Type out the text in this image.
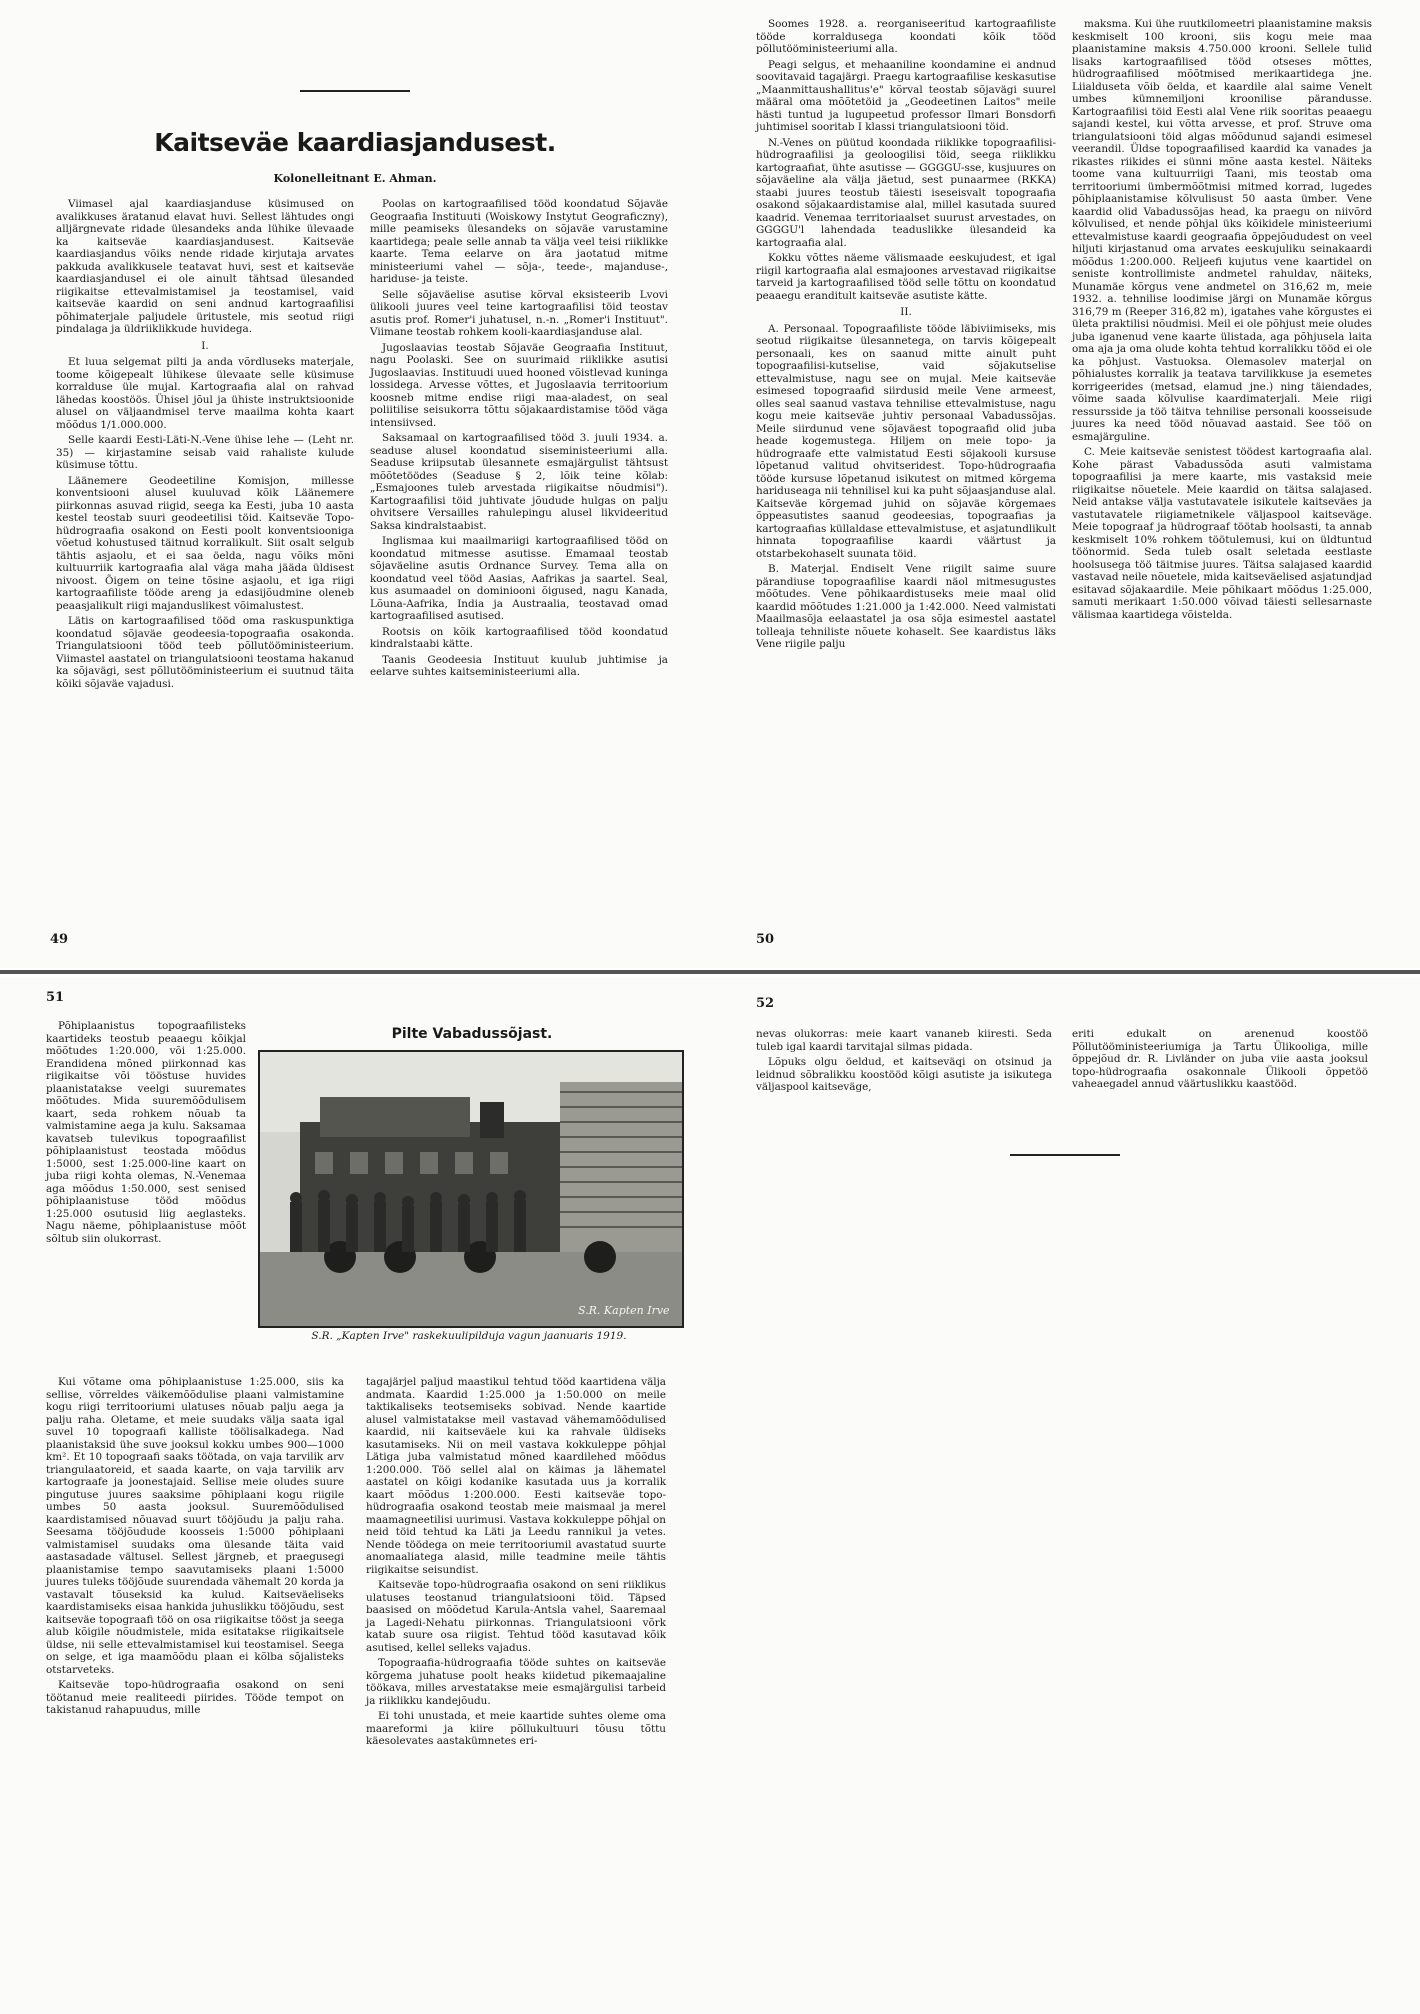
Kaitseväe kaardiasjandusest.
Kolonelleitnant E. Ahman.

Viimasel ajal kaardiasjanduse küsimused on avalikkuses äratanud elavat huvi. Sellest lähtudes ongi alljärgnevate ridade ülesandeks anda lühike ülevaade ka kaitseväe kaardiasjandusest. Kaitseväe kaardiasjandus võiks nende ridade kirjutaja arvates pakkuda avalikkusele teatavat huvi, sest et kaitseväe kaardiasjandusel ei ole ainult tähtsad ülesanded riigikaitse ettevalmistamisel ja teostamisel, vaid kaitseväe kaardid on seni andnud kartograafilisi põhimaterjale paljudele üritustele, mis seotud riigi pindalaga ja üldriiklikkude huvidega.

I.

Et luua selgemat pilti ja anda võrdluseks materjale, toome kõigepealt lühikese ülevaate selle küsimuse korralduse üle mujal. Kartograafia alal on rahvad lähedas koostöös. Ühisel jõul ja ühiste instruktsioonide alusel on väljaandmisel terve maailma kohta kaart mõõdus 1/1.000.000.

Selle kaardi Eesti-Läti-N.-Vene ühise lehe — (Leht nr. 35) — kirjastamine seisab vaid rahaliste kulude küsimuse tõttu.

Läänemere Geodeetiline Komisjon, millesse konventsiooni alusel kuuluvad kõik Läänemere piirkonnas asuvad riigid, seega ka Eesti, juba 10 aasta kestel teostab suuri geodeetilisi töid. Kaitseväe Topo-hüdrograafia osakond on Eesti poolt konventsiooniga võetud kohustused täitnud korralikult. Siit osalt selgub tähtis asjaolu, et ei saa öelda, nagu võiks mõni kultuurriik kartograafia alal väga maha jääda üldisest nivoost. Õigem on teine tõsine asjaolu, et iga riigi kartograafiliste tööde areng ja edasijõudmine oleneb peaasjalikult riigi majanduslikest võimalustest.

Lätis on kartograafilised tööd oma raskuspunktiga koondatud sõjaväe geodeesia-topograafia osakonda. Triangulatsiooni tööd teeb põllutööministeerium. Viimastel aastatel on triangulatsiooni teostama hakanud ka sõjavägi, sest põllutööministeerium ei suutnud täita kõiki sõjaväe vajadusi.

Poolas on kartograafilised tööd koondatud Sõjaväe Geograafia Instituuti (Woiskowy Instytut Geograficzny), mille peamiseks ülesandeks on sõjaväe varustamine kaartidega; peale selle annab ta välja veel teisi riiklikke kaarte. Tema eelarve on ära jaotatud mitme ministeeriumi vahel — sõja-, teede-, majanduse-, hariduse- ja teiste.

Selle sõjaväelise asutise kõrval eksisteerib Lvovi ülikooli juures veel teine kartograafilisi töid teostav asutis prof. Romer'i juhatusel, n.-n. „Romer'i Instituut". Viimane teostab rohkem kooli-kaardiasjanduse alal.

Jugoslaavias teostab Sõjaväe Geograafia Instituut, nagu Poolaski. See on suurimaid riiklikke asutisi Jugoslaavias. Instituudi uued hooned võistlevad kuninga lossidega. Arvesse võttes, et Jugoslaavia territoorium koosneb mitme endise riigi maa-aladest, on seal poliitilise seisukorra tõttu sõjakaardistamise tööd väga intensiivsed.

Saksamaal on kartograafilised tööd 3. juuli 1934. a. seaduse alusel koondatud siseministeeriumi alla. Seaduse kriipsutab ülesannete esmajärgulist tähtsust mõõtetöödes (Seaduse § 2, lõik teine kõlab: „Esmajoones tuleb arvestada riigikaitse nõudmisi"). Kartograafilisi töid juhtivate jõudude hulgas on palju ohvitsere Versailles rahulepingu alusel likvideeritud Saksa kindralstaabist.

Inglismaa kui maailmariigi kartograafilised tööd on koondatud mitmesse asutisse. Emamaal teostab sõjaväeline asutis Ordnance Survey. Tema alla on koondatud veel tööd Aasias, Aafrikas ja saartel. Seal, kus asumaadel on dominiooni õigused, nagu Kanada, Lõuna-Aafrika, India ja Austraalia, teostavad omad kartograafilised asutised.

Rootsis on kõik kartograafilised tööd koondatud kindralstaabi kätte.

Taanis Geodeesia Instituut kuulub juhtimise ja eelarve suhtes kaitseministeeriumi alla.

49

Soomes 1928. a. reorganiseeritud kartograafiliste tööde korraldusega koondati kõik tööd põllutööministeeriumi alla.

Peagi selgus, et mehaaniline koondamine ei andnud soovitavaid tagajärgi. Praegu kartograafilise keskasutise „Maanmittaushallitus'e" kõrval teostab sõjavägi suurel määral oma mõõtetöid ja „Geodeetinen Laitos" meile hästi tuntud ja lugupeetud professor Ilmari Bonsdorfi juhtimisel sooritab I klassi triangulatsiooni töid.

N.-Venes on püütud koondada riiklikke topograafilisi-hüdrograafilisi ja geoloogilisi töid, seega riiklikku kartograafiat, ühte asutisse — GGGGU-sse, kusjuures on sõjaväeline ala välja jäetud, sest punaarmee (RKKA) staabi juures teostub täiesti iseseisvalt topograafia osakond sõjakaardistamise alal, millel kasutada suured kaadrid. Venemaa territoriaalset suurust arvestades, on GGGGU'l lahendada teaduslikke ülesandeid ka kartograafia alal.

Kokku võttes näeme välismaade eeskujudest, et igal riigil kartograafia alal esmajoones arvestavad riigikaitse tarveid ja kartograafilised tööd selle tõttu on koondatud peaaegu eranditult kaitseväe asutiste kätte.

II.

A. Personaal. Topograafiliste tööde läbiviimiseks, mis seotud riigikaitse ülesannetega, on tarvis kõigepealt personaali, kes on saanud mitte ainult puht topograafilisi-kutselise, vaid sõjakutselise ettevalmistuse, nagu see on mujal. Meie kaitseväe esimesed topograafid siirdusid meile Vene armeest, olles seal saanud vastava tehnilise ettevalmistuse, nagu kogu meie kaitseväe juhtiv personaal Vabadussõjas. Meile siirdunud vene sõjaväest topograafid olid juba heade kogemustega. Hiljem on meie topo- ja hüdrograafe ette valmistatud Eesti sõjakooli kursuse lõpetanud valitud ohvitseridest. Topo-hüdrograafia tööde kursuse lõpetanud isikutest on mitmed kõrgema hariduseaga nii tehnilisel kui ka puht sõjaasjanduse alal. Kaitseväe kõrgemad juhid on sõjaväe kõrgemaes õppeasutistes saanud geodeesias, topograafias ja kartograafias küllaldase ettevalmistuse, et asjatundlikult hinnata topograafilise kaardi väärtust ja otstarbekohaselt suunata töid.

B. Materjal. Endiselt Vene riigilt saime suure pärandiuse topograafilise kaardi näol mitmesugustes mõõtudes. Vene põhikaardistuseks meie maal olid kaardid mõõtudes 1:21.000 ja 1:42.000. Need valmistati Maailmasõja eelaastatel ja osa sõja esimestel aastatel tolleaja tehniliste nõuete kohaselt. See kaardistus läks Vene riigile palju

maksma. Kui ühe ruutkilomeetri plaanistamine maksis keskmiselt 100 krooni, siis kogu meie maa plaanistamine maksis 4.750.000 krooni. Sellele tulid lisaks kartograafilised tööd otseses mõttes, hüdrograafilised mõõtmised merikaartidega jne. Liialduseta võib öelda, et kaardile alal saime Venelt umbes kümnemiljoni kroonilise pärandusse. Kartograafilisi töid Eesti alal Vene riik sooritas peaaegu sajandi kestel, kui võtta arvesse, et prof. Struve oma triangulatsiooni töid algas mõõdunud sajandi esimesel veerandil. Üldse topograafilised kaardid ka vanades ja rikastes riikides ei sünni mõne aasta kestel. Näiteks toome vana kultuurriigi Taani, mis teostab oma territooriumi ümbermõõtmisi mitmed korrad, lugedes põhiplaanistamise kõlvulisust 50 aasta ümber. Vene kaardid olid Vabadussõjas head, ka praegu on niivõrd kõlvulised, et nende põhjal üks kõikidele ministeeriumi ettevalmistuse kaardi geograafia õppejõududest on veel hiljuti kirjastanud oma arvates eeskujuliku seinakaardi mõõdus 1:200.000. Reljeefi kujutus vene kaartidel on seniste kontrollimiste andmetel rahuldav, näiteks, Munamäe kõrgus vene andmetel on 316,62 m, meie 1932. a. tehnilise loodimise järgi on Munamäe kõrgus 316,79 m (Reeper 316,82 m), igatahes vahe kõrgustes ei ületa praktilisi nõudmisi. Meil ei ole põhjust meie oludes juba iganenud vene kaarte ülistada, aga põhjusela laita oma aja ja oma olude kohta tehtud korralikku tööd ei ole ka põhjust. Vastuoksa. Olemasolev materjal on põhialustes korralik ja teatava tarvilikkuse ja esemetes korrigeerides (metsad, elamud jne.) ning täiendades, võime saada kõlvulise kaardimaterjali. Meie riigi ressursside ja töö täitva tehnilise personali koosseisude juures ka need tööd nõuavad aastaid. See töö on esmajärguline.

C. Meie kaitseväe senistest töödest kartograafia alal. Kohe pärast Vabadussõda asuti valmistama topograafilisi ja mere kaarte, mis vastaksid meie riigikaitse nõuetele. Meie kaardid on täitsa salajased. Neid antakse välja vastutavatele isikutele kaitseväes ja vastutavatele riigiametnikele väljaspool kaitseväge. Meie topograaf ja hüdrograaf töötab hoolsasti, ta annab keskmiselt 10% rohkem töötulemusi, kui on üldtuntud töönormid. Seda tuleb osalt seletada eestlaste hoolsusega töö täitmise juures. Täitsa salajased kaardid vastavad neile nõuetele, mida kaitseväelised asjatundjad esitavad sõjakaardile. Meie põhikaart mõõdus 1:25.000, samuti merikaart 1:50.000 võivad täiesti sellesarnaste välismaa kaartidega võistelda.

50
51

Põhiplaanistus topograafilisteks kaartideks teostub peaaegu kõikjal mõõtudes 1:20.000, või 1:25.000. Erandidena mõned piirkonnad kas riigikaitse või tööstuse huvides plaanistatakse veelgi suuremates mõõtudes. Mida suuremõõdulisem kaart, seda rohkem nõuab ta valmistamine aega ja kulu. Saksamaa kavatseb tulevikus topograafilist põhiplaanistust teostada mõõdus 1:5000, sest 1:25.000-line kaart on juba riigi kohta olemas, N.-Venemaa aga mõõdus 1:50.000, sest senised põhiplaanistuse tööd mõõdus 1:25.000 osutusid liig aeglasteks. Nagu näeme, põhiplaanistuse mõõt sõltub siin olukorrast.

Pilte Vabadussõjast.
S.R. Kapten Irve
S.R. „Kapten Irve" raskekuulipilduja vagun jaanuaris 1919.

Kui võtame oma põhiplaanistuse 1:25.000, siis ka sellise, võrreldes väikemõõdulise plaani valmistamine kogu riigi territooriumi ulatuses nõuab palju aega ja palju raha. Oletame, et meie suudaks välja saata igal suvel 10 topograafi kalliste töölisalkadega. Nad plaanistaksid ühe suve jooksul kokku umbes 900—1000 km². Et 10 topograafi saaks töötada, on vaja tarvilik arv triangulaatoreid, et saada kaarte, on vaja tarvilik arv kartograafe ja joonestajaid. Sellise meie oludes suure pingutuse juures saaksime põhiplaani kogu riigile umbes 50 aasta jooksul. Suuremõõdulised kaardistamised nõuavad suurt tööjõudu ja palju raha. Seesama tööjõudude koosseis 1:5000 põhiplaani valmistamisel suudaks oma ülesande täita vaid aastasadade vältusel. Sellest järgneb, et praegusegi plaanistamise tempo saavutamiseks plaani 1:5000 juures tuleks tööjõude suurendada vähemalt 20 korda ja vastavalt tõuseksid ka kulud. Kaitseväeliseks kaardistamiseks eisaa hankida juhuslikku tööjõudu, sest kaitseväe topograafi töö on osa riigikaitse tööst ja seega alub kõigile nõudmistele, mida esitatakse riigikaitsele üldse, nii selle ettevalmistamisel kui teostamisel. Seega on selge, et iga maamõõdu plaan ei kõlba sõjalisteks otstarveteks.

Kaitseväe topo-hüdrograafia osakond on seni töötanud meie realiteedi piirides. Tööde tempot on takistanud rahapuudus, mille

tagajärjel paljud maastikul tehtud tööd kaartidena välja andmata. Kaardid 1:25.000 ja 1:50.000 on meile taktikaliseks teotsemiseks sobivad. Nende kaartide alusel valmistatakse meil vastavad vähemamõõdulised kaardid, nii kaitseväele kui ka rahvale üldiseks kasutamiseks. Nii on meil vastava kokkuleppe põhjal Lätiga juba valmistatud mõned kaardilehed mõõdus 1:200.000. Töö sellel alal on käimas ja lähematel aastatel on kõigi kodanike kasutada uus ja korralik kaart mõõdus 1:200.000. Eesti kaitseväe topo-hüdrograafia osakond teostab meie maismaal ja merel maamagneetilisi uurimusi. Vastava kokkuleppe põhjal on neid töid tehtud ka Läti ja Leedu rannikul ja vetes. Nende töödega on meie territooriumil avastatud suurte anomaaliatega alasid, mille teadmine meile tähtis riigikaitse seisundist.

Kaitseväe topo-hüdrograafia osakond on seni riiklikus ulatuses teostanud triangulatsiooni töid. Täpsed baasised on mõõdetud Karula-Antsla vahel, Saaremaal ja Lagedi-Nehatu piirkonnas. Triangulatsiooni võrk katab suure osa riigist. Tehtud tööd kasutavad kõik asutised, kellel selleks vajadus.

Topograafia-hüdrograafia tööde suhtes on kaitseväe kõrgema juhatuse poolt heaks kiidetud pikemaajaline töökava, milles arvestatakse meie esmajärgulisi tarbeid ja riiklikku kandejõudu.

Ei tohi unustada, et meie kaartide suhtes oleme oma maareformi ja kiire põllukultuuri tõusu tõttu käesolevates aastakümnetes eri-

52

nevas olukorras: meie kaart vananeb kiiresti. Seda tuleb igal kaardi tarvitajal silmas pidada.

Lõpuks olgu öeldud, et kaitseväqi on otsinud ja leidnud sõbralikku koostööd kõigi asutiste ja isikutega väljaspool kaitseväge,

eriti edukalt on arenenud koostöö Põllutööministeeriumiga ja Tartu Ülikooliga, mille õppejõud dr. R. Livländer on juba viie aasta jooksul topo-hüdrograafia osakonnale Ülikooli õppetöö vaheaegadel annud väärtuslikku kaastööd.
